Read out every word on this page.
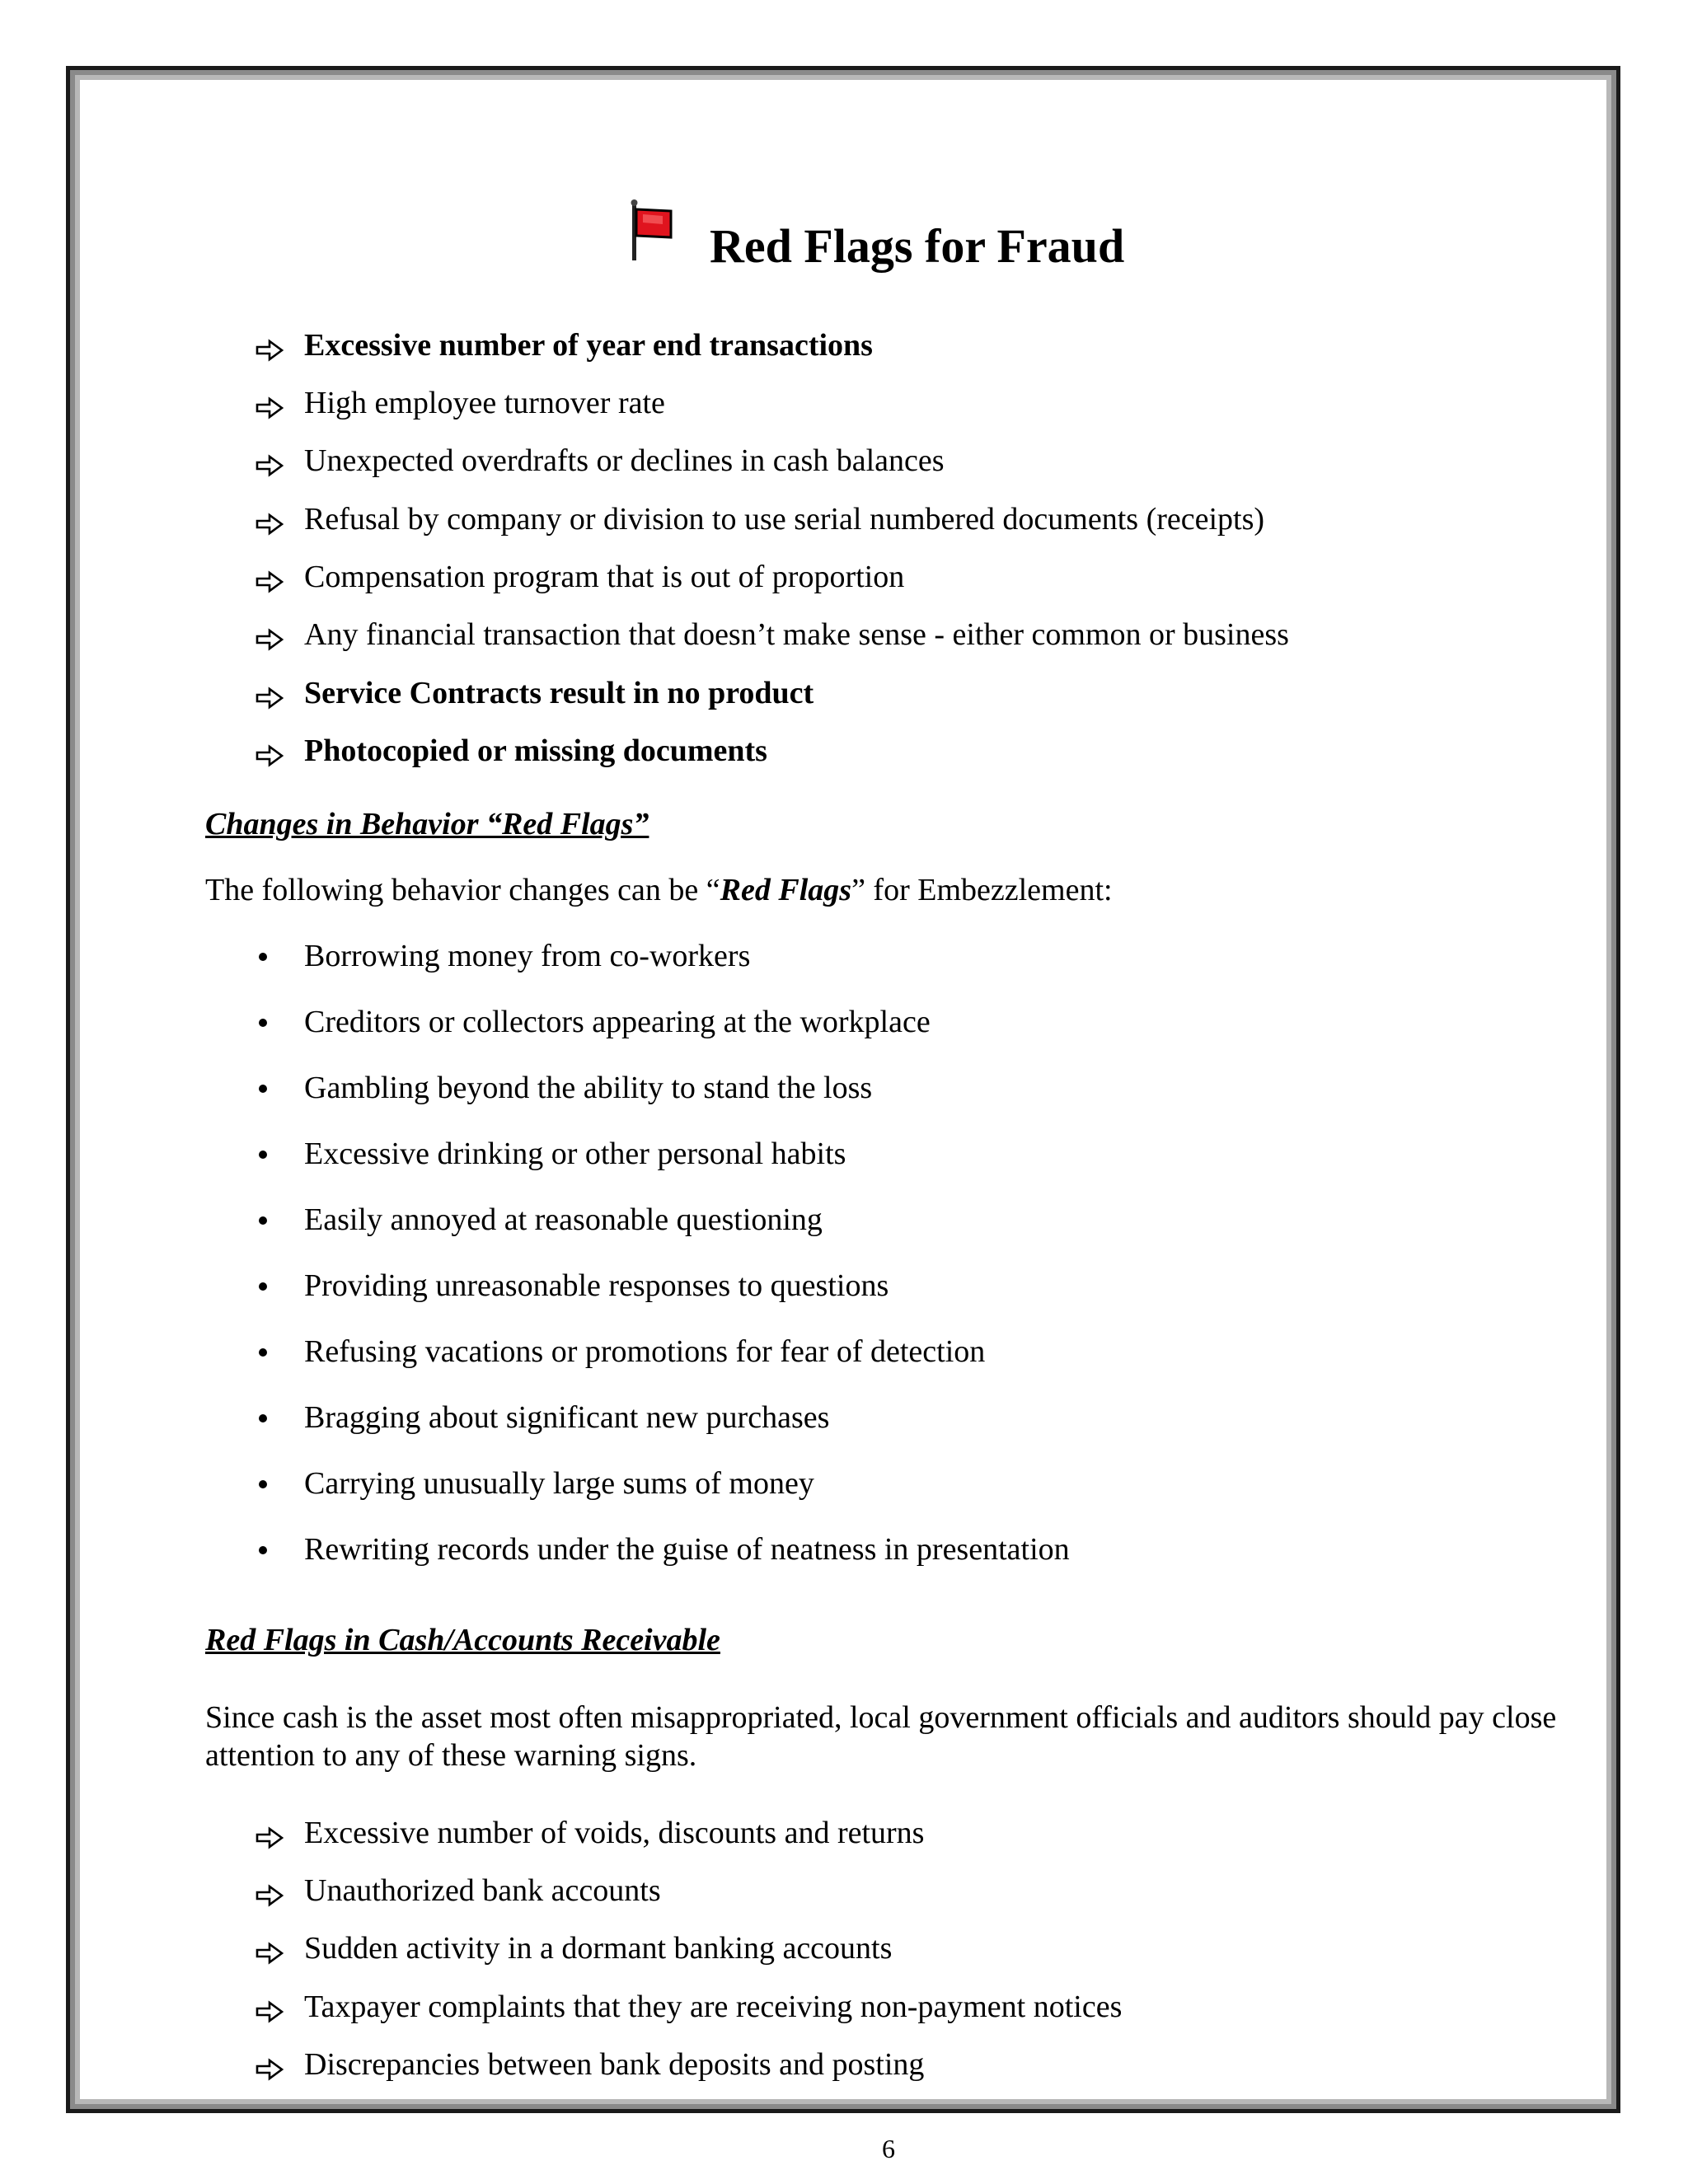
Red Flags for Fraud
Excessive number of year end transactions
High employee turnover rate
Unexpected overdrafts or declines in cash balances
Refusal by company or division to use serial numbered documents (receipts)
Compensation program that is out of proportion
Any financial transaction that doesn’t make sense - either common or business
Service Contracts result in no product
Photocopied or missing documents
Changes in Behavior “Red Flags”
The following behavior changes can be “Red Flags” for Embezzlement:
Borrowing money from co-workers
Creditors or collectors appearing at the workplace
Gambling beyond the ability to stand the loss
Excessive drinking or other personal habits
Easily annoyed at reasonable questioning
Providing unreasonable responses to questions
Refusing vacations or promotions for fear of detection
Bragging about significant new purchases
Carrying unusually large sums of money
Rewriting records under the guise of neatness in presentation
Red Flags in Cash/Accounts Receivable
Since cash is the asset most often misappropriated, local government officials and auditors should pay close attention to any of these warning signs.
Excessive number of voids, discounts and returns
Unauthorized bank accounts
Sudden activity in a dormant banking accounts
Taxpayer complaints that they are receiving non-payment notices
Discrepancies between bank deposits and posting
6
